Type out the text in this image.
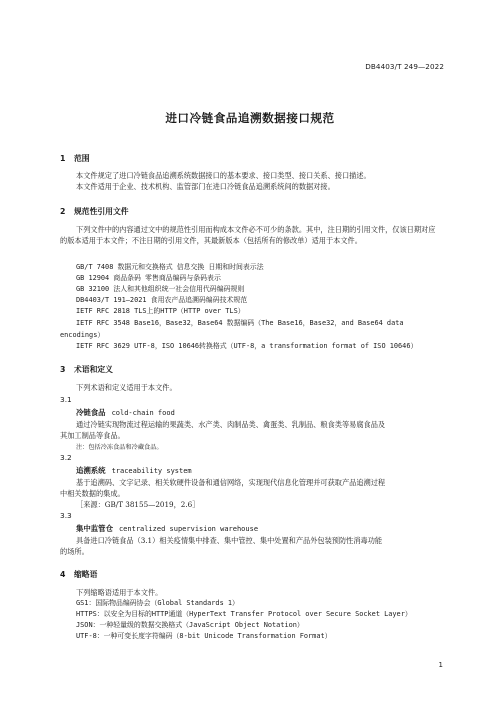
DB4403/T 249—2022
进口冷链食品追溯数据接口规范
1 范围
本文件规定了进口冷链食品追溯系统数据接口的基本要求、接口类型、接口关系、接口描述。
本文件适用于企业、技术机构、监管部门在进口冷链食品追溯系统间的数据对接。
2 规范性引用文件
下列文件中的内容通过文中的规范性引用而构成本文件必不可少的条款。其中，注日期的引用文件，仅该日期对应的版本适用于本文件；不注日期的引用文件，其最新版本（包括所有的修改单）适用于本文件。
GB/T 7408 数据元和交换格式 信息交换 日期和时间表示法
GB 12904 商品条码 零售商品编码与条码表示
GB 32100 法人和其他组织统一社会信用代码编码规则
DB4403/T 191—2021 食用农产品追溯码编码技术规范
IETF RFC 2818 TLS上的HTTP（HTTP over TLS）
IETF RFC 3548 Base16，Base32，Base64 数据编码（The Base16，Base32，and Base64 data
encodings）
IETF RFC 3629 UTF-8，ISO 10646转换格式（UTF-8，a transformation format of ISO 10646）
3 术语和定义
下列术语和定义适用于本文件。
3.1
冷链食品 cold-chain food
通过冷链实现物流过程运输的果蔬类、水产类、肉制品类、禽蛋类、乳制品、粮食类等易腐食品及
其加工制品等食品。
注：包括冷冻食品和冷藏食品。
3.2
追溯系统 traceability system
基于追溯码、文字记录、相关软硬件设备和通信网络，实现现代信息化管理并可获取产品追溯过程
中相关数据的集成。
［来源：GB/T 38155—2019，2.6］
3.3
集中监管仓 centralized supervision warehouse
具备进口冷链食品（3.1）相关疫情集中排查、集中管控、集中处置和产品外包装预防性消毒功能
的场所。
4 缩略语
下列缩略语适用于本文件。
GS1：国际物品编码协会（Global Standards 1）
HTTPS：以安全为目标的HTTP通道（HyperText Transfer Protocol over Secure Socket Layer）
JSON：一种轻量级的数据交换格式（JavaScript Object Notation）
UTF-8：一种可变长度字符编码（8-bit Unicode Transformation Format）
1
